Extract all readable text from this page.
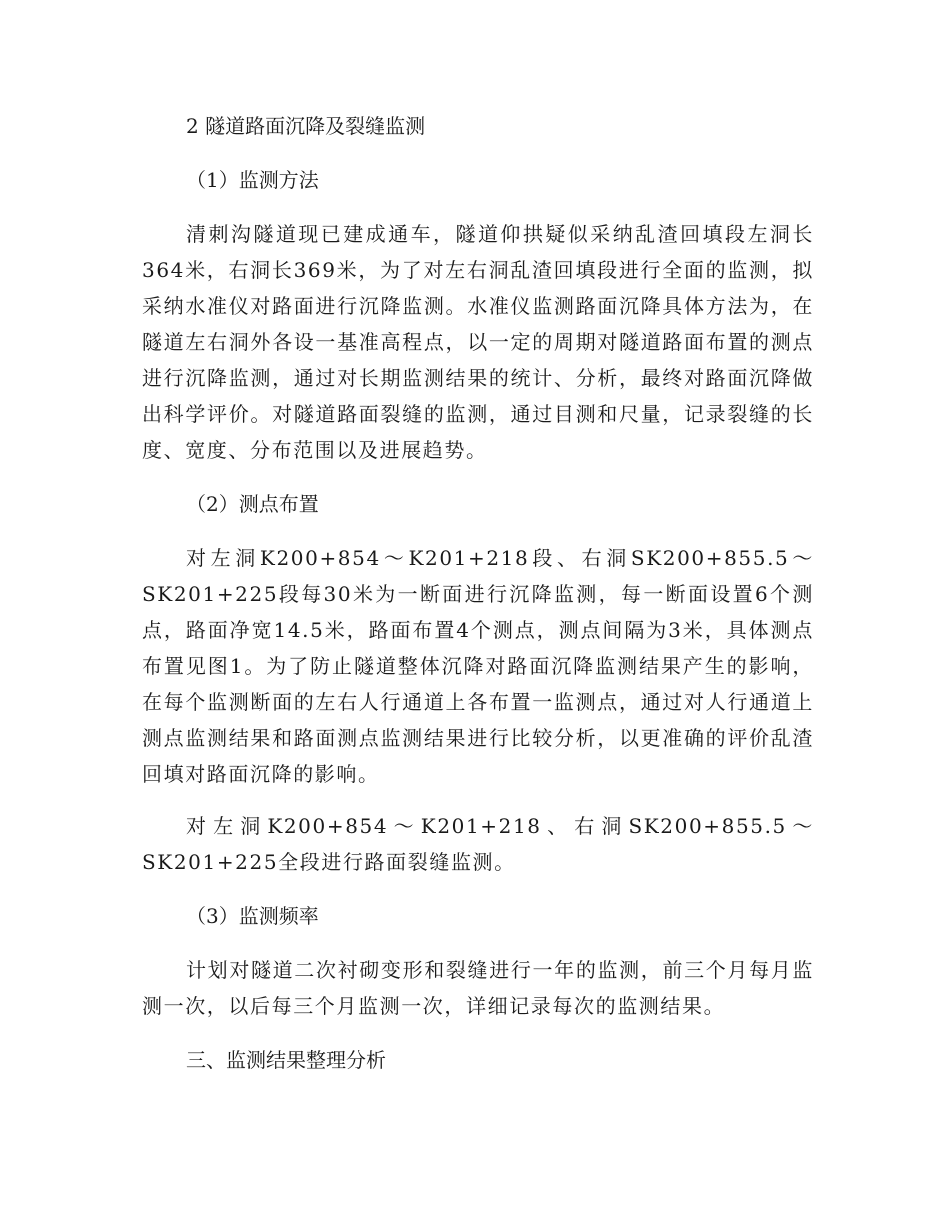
2 隧道路面沉降及裂缝监测
（1）监测方法

清刺沟隧道现已建成通车，隧道仰拱疑似采纳乱渣回填段左洞长364米，右洞长369米，为了对左右洞乱渣回填段进行全面的监测，拟采纳水准仪对路面进行沉降监测。水准仪监测路面沉降具体方法为，在隧道左右洞外各设一基准高程点，以一定的周期对隧道路面布置的测点进行沉降监测，通过对长期监测结果的统计、分析，最终对路面沉降做出科学评价。对隧道路面裂缝的监测，通过目测和尺量，记录裂缝的长度、宽度、分布范围以及进展趋势。

（2）测点布置

对左洞K200+854～K201+218段、右洞SK200+855.5～SK201+225段每30米为一断面进行沉降监测，每一断面设置6个测点，路面净宽14.5米，路面布置4个测点，测点间隔为3米，具体测点布置见图1。为了防止隧道整体沉降对路面沉降监测结果产生的影响，在每个监测断面的左右人行通道上各布置一监测点，通过对人行通道上测点监测结果和路面测点监测结果进行比较分析，以更准确的评价乱渣回填对路面沉降的影响。

对左洞K200+854～K201+218、右洞SK200+855.5～SK201+225全段进行路面裂缝监测。

（3）监测频率

计划对隧道二次衬砌变形和裂缝进行一年的监测，前三个月每月监测一次，以后每三个月监测一次，详细记录每次的监测结果。

三、监测结果整理分析
